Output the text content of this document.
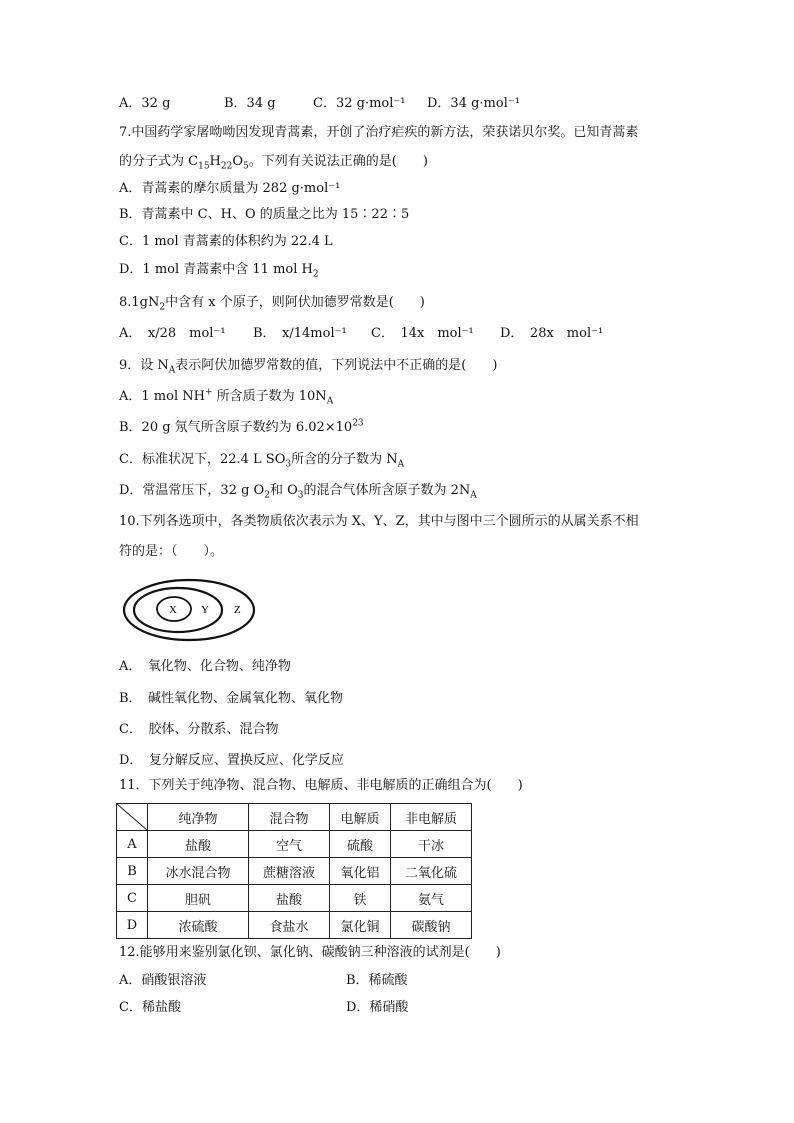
A．32 g	B．34 g	C．32 g·mol⁻¹ D．34 g·mol⁻¹
7.中国药学家屠呦呦因发现青蒿素，开创了治疗疟疾的新方法，荣获诺贝尔奖。已知青蒿素
的分子式为 $C_{15}H_{22}O_5$。下列有关说法正确的是(　　)
A．青蒿素的摩尔质量为 282 g·mol⁻¹
B．青蒿素中 C、H、O 的质量之比为 15∶22∶5
C．1 mol 青蒿素的体积约为 22.4 L
D．1 mol 青蒿素中含 11 mol $H_2$
$8.1gN_2$中含有 x 个原子，则阿伏加德罗常数是(　　)
A．　x/28　mol⁻¹ B．　x/14mol⁻¹ C．　14x　mol⁻¹ D．　28x　mol⁻¹
9．设 $N_A$表示阿伏加德罗常数的值，下列说法中不正确的是(　　)
A．1 mol NH+ 所含质子数为 $10N_A$
B．20 g 氖气所含原子数约为 $6.02\times 10^{23}$
C．标准状况下，22.4 L $SO_3$所含的分子数为 $N_A$
D．常温常压下，32 g $O_2$和 $O_3$的混合气体所含原子数为 $2N_A$
10.下列各选项中，各类物质依次表示为 X、Y、Z，其中与图中三个圆所示的从属关系不相
符的是：（　　）。
X Y Z
A．　氧化物、化合物、纯净物
B．　碱性氧化物、金属氧化物、氧化物
C．　胶体、分散系、混合物
D．　复分解反应、置换反应、化学反应
11．下列关于纯净物、混合物、电解质、非电解质的正确组合为(　　)
	纯净物	混合物	电解质	非电解质
A	盐酸	空气	硫酸	干冰
B	冰水混合物	蔗糖溶液	氧化铝	二氧化硫
C	胆矾	盐酸	铁	氨气
D	浓硫酸	食盐水	氯化铜	碳酸钠
12.能够用来鉴别氯化钡、氯化钠、碳酸钠三种溶液的试剂是(　　)
A．硝酸银溶液	B．稀硫酸
C．稀盐酸	D．稀硝酸
